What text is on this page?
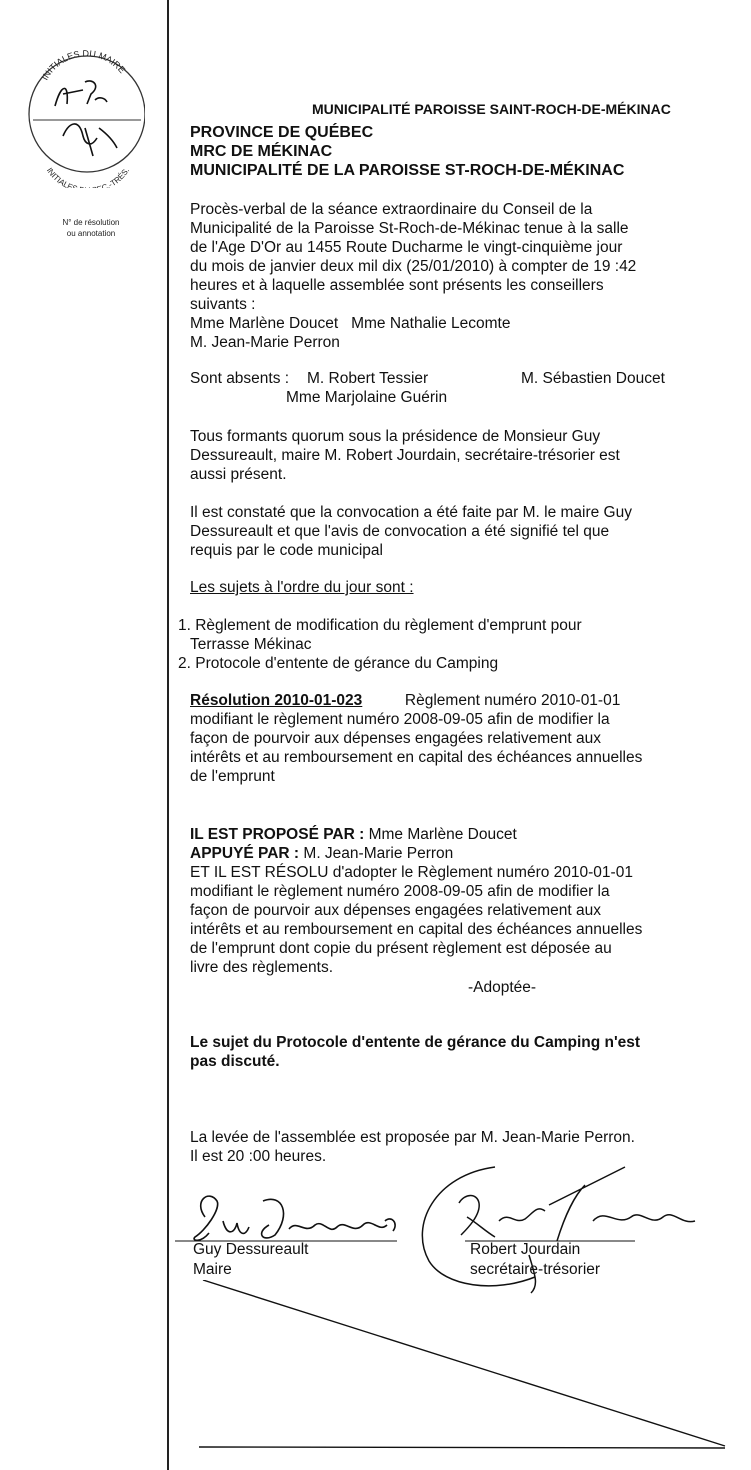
INITIALES DU MAIRE
INITIALE C.-TRÉS.
N° de résolution
ou annotation
MUNICIPALITÉ PAROISSE SAINT-ROCH-DE-MÉKINAC
PROVINCE DE QUÉBEC
MRC DE MÉKINAC
MUNICIPALITÉ DE LA PAROISSE ST-ROCH-DE-MÉKINAC
Procès-verbal de la séance extraordinaire du Conseil de la
Municipalité de la Paroisse St-Roch-de-Mékinac tenue à la salle
de l'Age D'Or au 1455 Route Ducharme le vingt-cinquième jour
du mois de janvier deux mil dix (25/01/2010) à compter de 19 :42
heures et à laquelle assemblée sont présents les conseillers
suivants :
Mme Marlène Doucet Mme Nathalie Lecomte
M. Jean-Marie Perron
Sont absents : M. Robert Tessier	M. Sébastien Doucet
Mme Marjolaine Guérin
Tous formants quorum sous la présidence de Monsieur Guy
Dessureault, maire M. Robert Jourdain, secrétaire-trésorier est
aussi présent.
Il est constaté que la convocation a été faite par M. le maire Guy
Dessureault et que l'avis de convocation a été signifié tel que
requis par le code municipal
Les sujets à l'ordre du jour sont :
1. Règlement de modification du règlement d'emprunt pour
Terrasse Mékinac
2. Protocole d'entente de gérance du Camping
Résolution 2010-01-023	Règlement numéro 2010-01-01
modifiant le règlement numéro 2008-09-05 afin de modifier la
façon de pourvoir aux dépenses engagées relativement aux
intérêts et au remboursement en capital des échéances annuelles
de l'emprunt
IL EST PROPOSÉ PAR : Mme Marlène Doucet
APPUYÉ PAR : M. Jean-Marie Perron
ET IL EST RÉSOLU d'adopter le Règlement numéro 2010-01-01
modifiant le règlement numéro 2008-09-05 afin de modifier la
façon de pourvoir aux dépenses engagées relativement aux
intérêts et au remboursement en capital des échéances annuelles
de l'emprunt dont copie du présent règlement est déposée au
livre des règlements.
-Adoptée-
Le sujet du Protocole d'entente de gérance du Camping n'est
pas discuté.
La levée de l'assemblée est proposée par M. Jean-Marie Perron.
Il est 20 :00 heures.
Guy Dessureault
Maire
Robert Jourdain
secrétaire-trésorier
